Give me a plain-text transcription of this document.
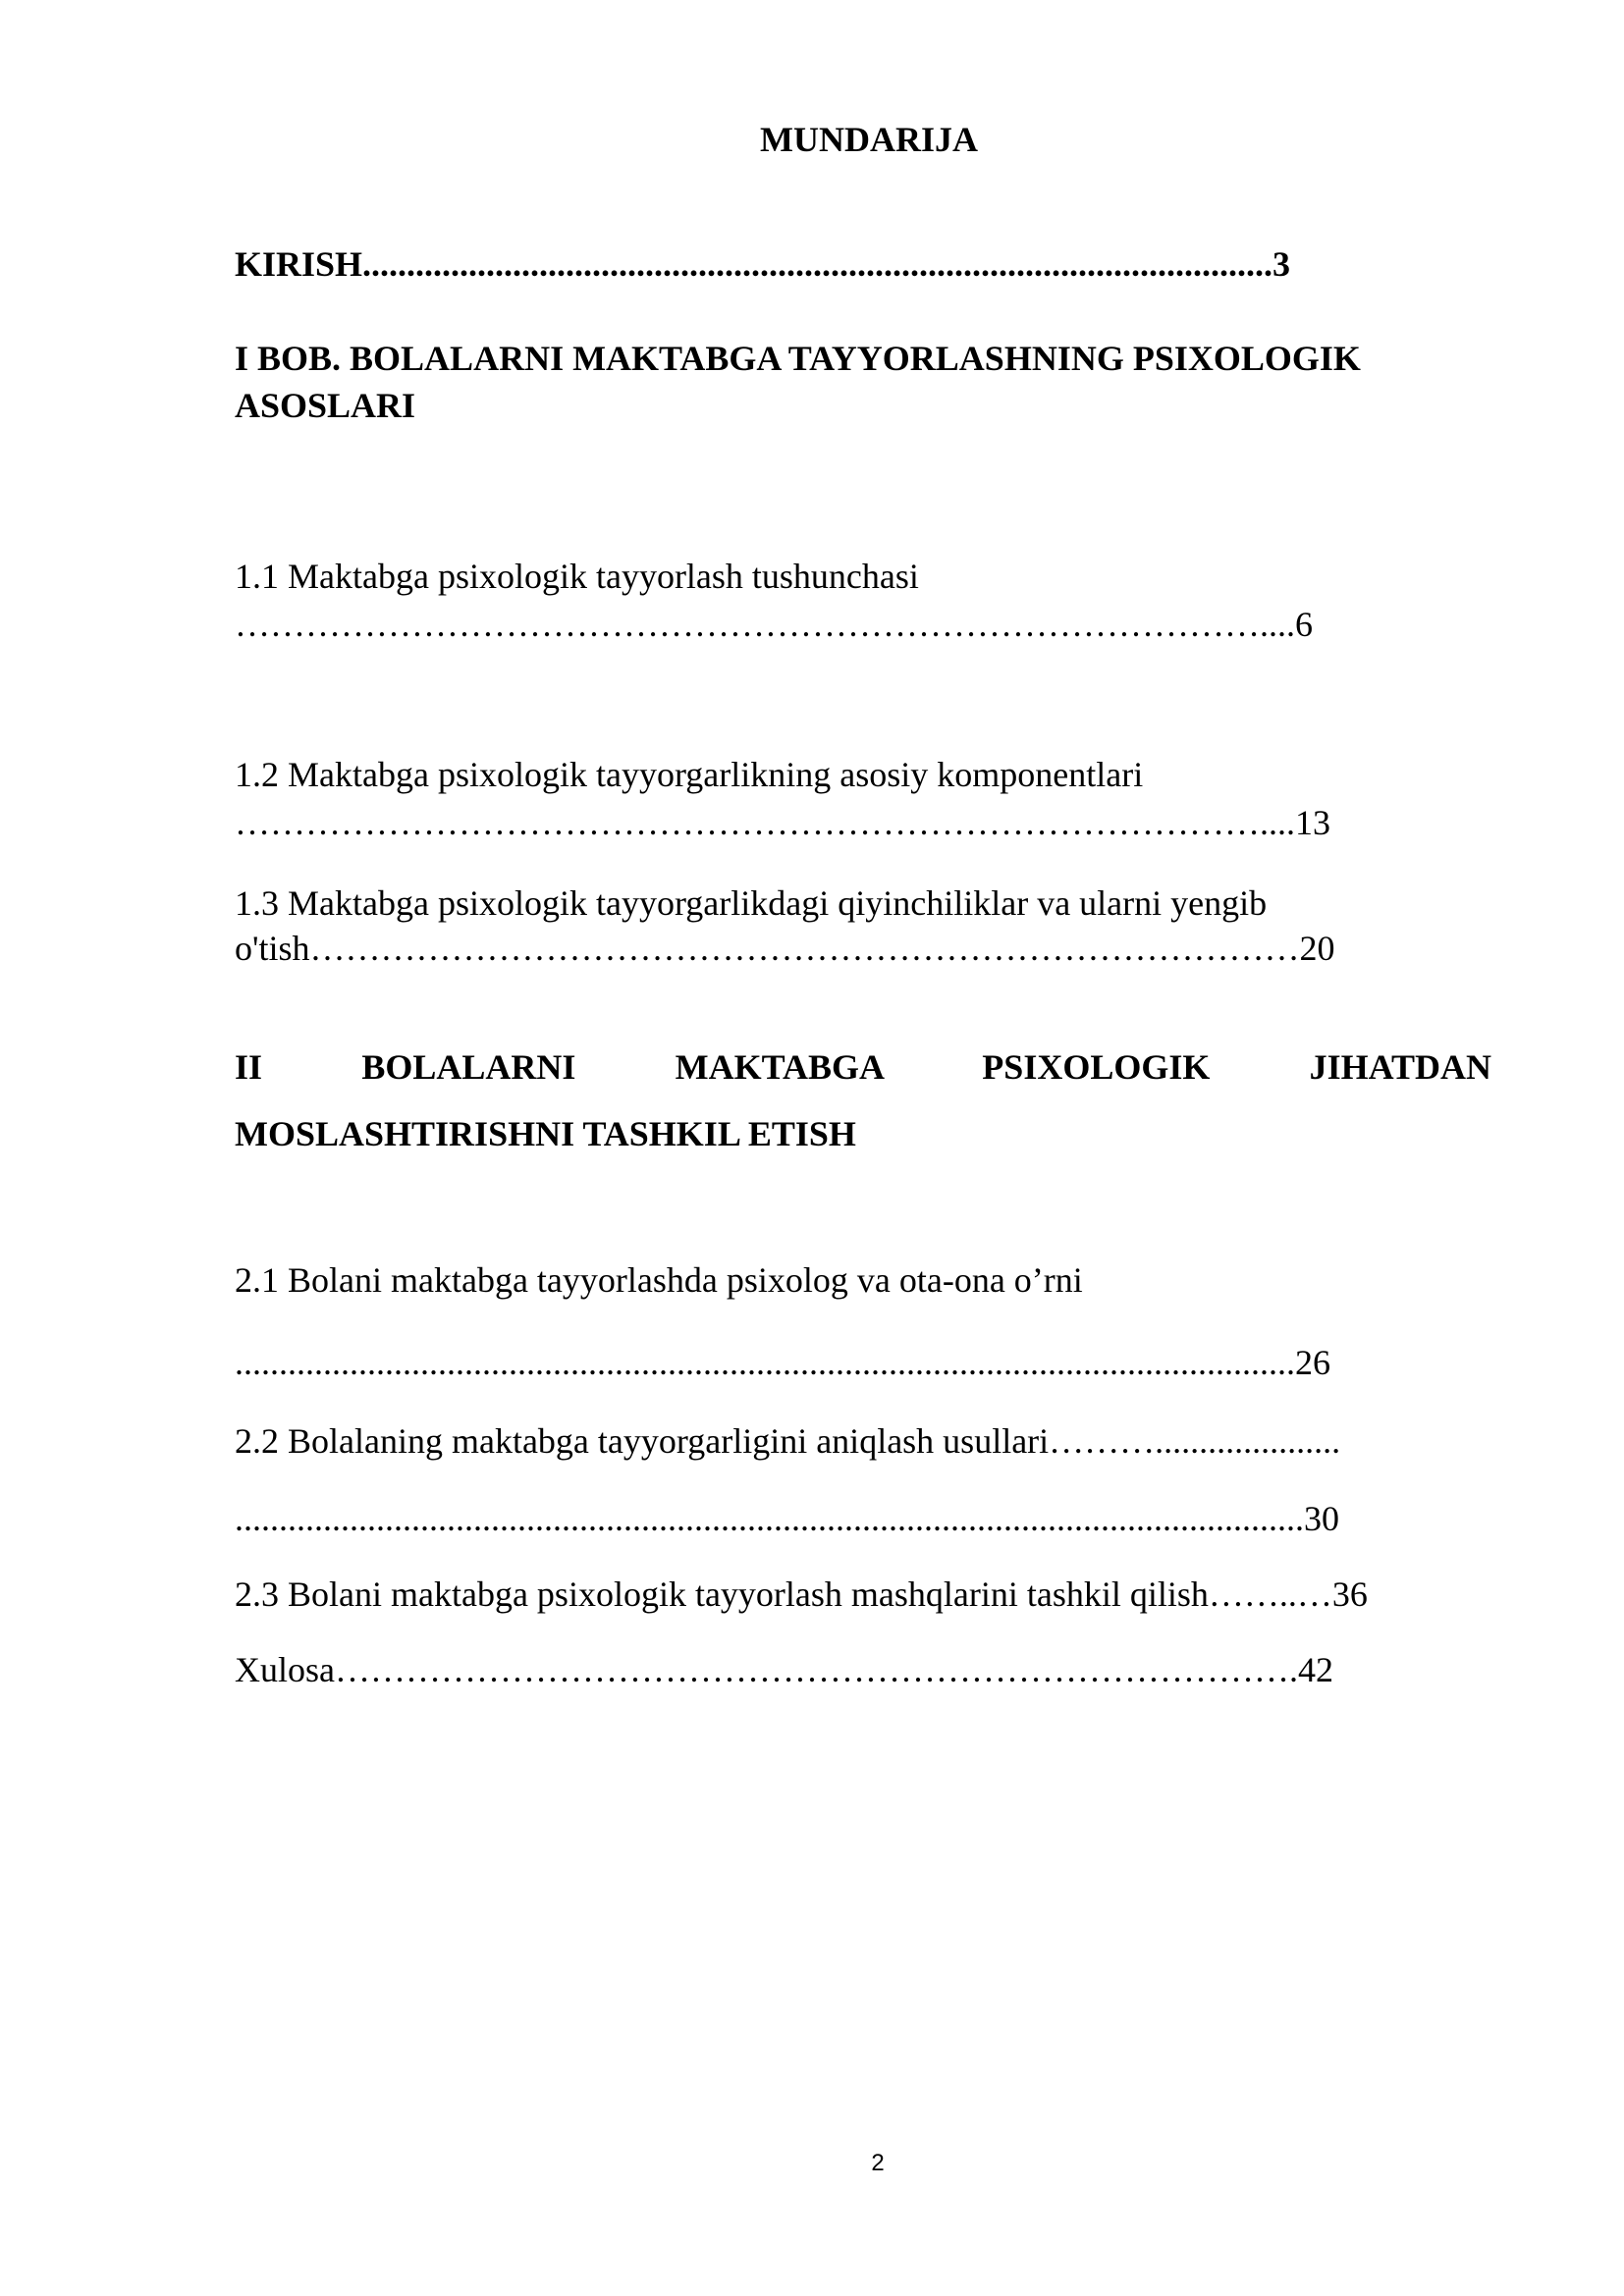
MUNDARIJA
KIRISH.......................................................................................................3
I BOB. BOLALARNI MAKTABGA TAYYORLASHNING PSIXOLOGIK
ASOSLARI
1.1 Maktabga psixologik tayyorlash tushunchasi
……………………………………………………………………………....6
1.2 Maktabga psixologik tayyorgarlikning asosiy komponentlari
……………………………………………………………………………....13
1.3 Maktabga psixologik tayyorgarlikdagi qiyinchiliklar va ularni yengib
o'tish…………………………………………………………………………20
II BOLALARNI MAKTABGA PSIXOLOGIK JIHATDAN
MOSLASHTIRISHNI TASHKIL ETISH
2.1 Bolani maktabga tayyorlashda psixolog va ota-ona o’rni
........................................................................................................................26
2.2 Bolalaning maktabga tayyorgarligini aniqlash usullari……….....................
.........................................................................................................................30
2.3 Bolani maktabga psixologik tayyorlash mashqlarini tashkil qilish……..…36
Xulosa……………………………………………………………………….42
2
